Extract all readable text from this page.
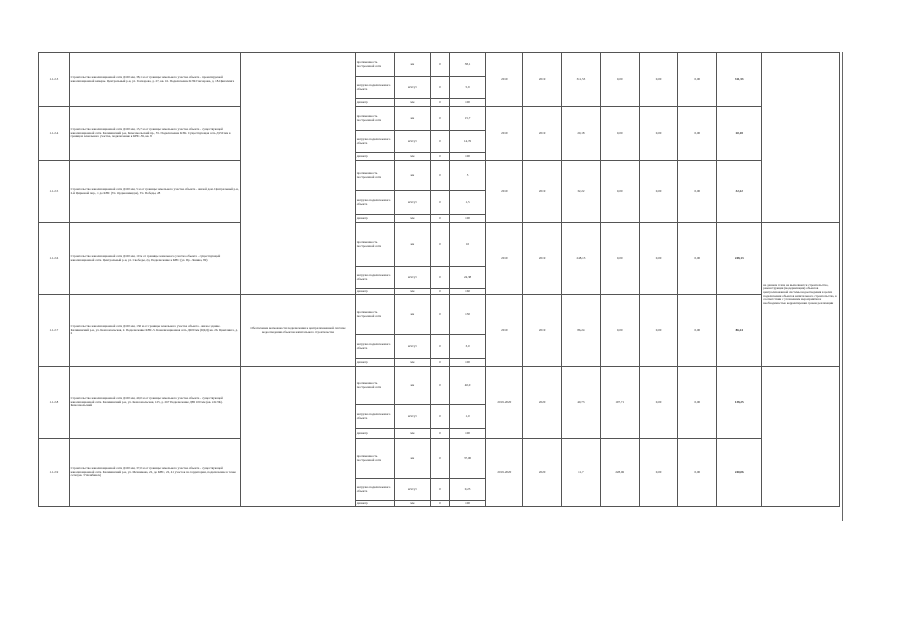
1.1.2.3	Строительство канализационной сети Д100 мм, 38,1 м от границы земельного участка объекта - проектируемой канализационной камеры. Центральный р-н, ул. Гончарова, д. 27, кв. 16. Подключение КЭК Гончарова, д. 18-Цвиллинга		протяженность построенной сети	км	0	38,1	2019	2019	311,53	0,00	0,00	0,00	311,53	
			нагрузка подключаемого объекта	м3/сут	0	5,9								
			диаметр	мм	0	100								
1.1.2.4	Строительство канализационной сети Д100 мм, 15,7 м от границы земельного участка объекта - существующей канализационной сети. Калининский р-н, Комсомольский пр., 55. Подключение КЭК. Существующая сеть Д150 мм в границах земельного участка, подключение к КНС-59, кв. 8		протяженность построенной сети	км	0	15,7	2019	2019	20,18	0,00	0,00	0,00	20,18	
			нагрузка подключаемого объекта	м3/сут	0	14,76								
			диаметр	мм	0	100								
1.1.2.5	Строительство канализационной сети Д100 мм, 5 м от границы земельного участка объекта - жилой дом. Центральный р-н, 2-й Цирковой пер., 1 до КНС (Ул. Орджоникидзе), Ул. Победы, 28		протяженность построенной сети	км	0	5	2019	2019	32,22	0,00	0,00	0,00	32,22	
			нагрузка подключаемого объекта	м3/сут	0	1,5								
			диаметр	мм	0	100								
1.1.2.6	Строительство канализационной сети Д100 мм, 10 м от границы земельного участка объекта - существующей канализационной сети. Центральный р-н, ул. Свободы, 2д. Подключение к КНС (ул. Пр. Ленина, 89)		протяженность построенной сети	км	0	10	2019	2019	248,13	0,00	0,00	0,00	248,13	на данном этапе не выполняется строительство, реконструкция (модернизация) объектов централизованной системы водоотведения в целях подключения объектов капитального строительства, в соответствии с уточнением мероприятия и необходимостью корректировки сроков реализации
			нагрузка подключаемого объекта	м3/сут	0	24,38								
			диаметр	мм	0	160								
1.1.2.7	Строительство канализационной сети Д100 мм, 130 м от границы земельного участка объекта - жилое здание. Калининский р-н, ул. Комсомольская, 2. Подключение КНС-5. Канализационная сеть Д200 мм (ЦКД) кв. 26. Цвиллинга, д. 2	Обеспечение возможности подключения к централизованной системе водоотведения объектов капитального строительства	протяженность построенной сети	км	0	130	2019	2019	86,24	0,00	0,00	0,00	86,24	
			нагрузка подключаемого объекта	м3/сут	0	3,0								
			диаметр	мм	0	100								
1.1.2.8	Строительство канализационной сети Д100 мм, 40,0 м от границы земельного участка объекта - существующей канализационной сети. Калининский р-н, ул. Комсомольская, 125, д. 267 Подключение ДЮ 100 мм (кв. 4 КЭК). Комсомольский		протяженность построенной сети	км	0	40,0	2019-2020	2020	40,73	197,71	0,00	0,00	138,25	
			нагрузка подключаемого объекта	м3/сут	0	1,0								
			диаметр	мм	0	100								
1.1.2.9	Строительство канализационной сети Д100 мм, 37,0 м от границы земельного участка объекта - существующей канализационной сети. Калининский р-н, ул. Мечникова, 22, до КНС, 22, 41 участок по территории, подключение в точке сети (кв. 3 Челябинск)		протяженность построенной сети	км	0	37,00	2019-2020	2020	11,7	228,06	0,00	0,00	240,06	
			нагрузка подключаемого объекта	м3/сут	0	0,23								
			диаметр	мм	0	100								
